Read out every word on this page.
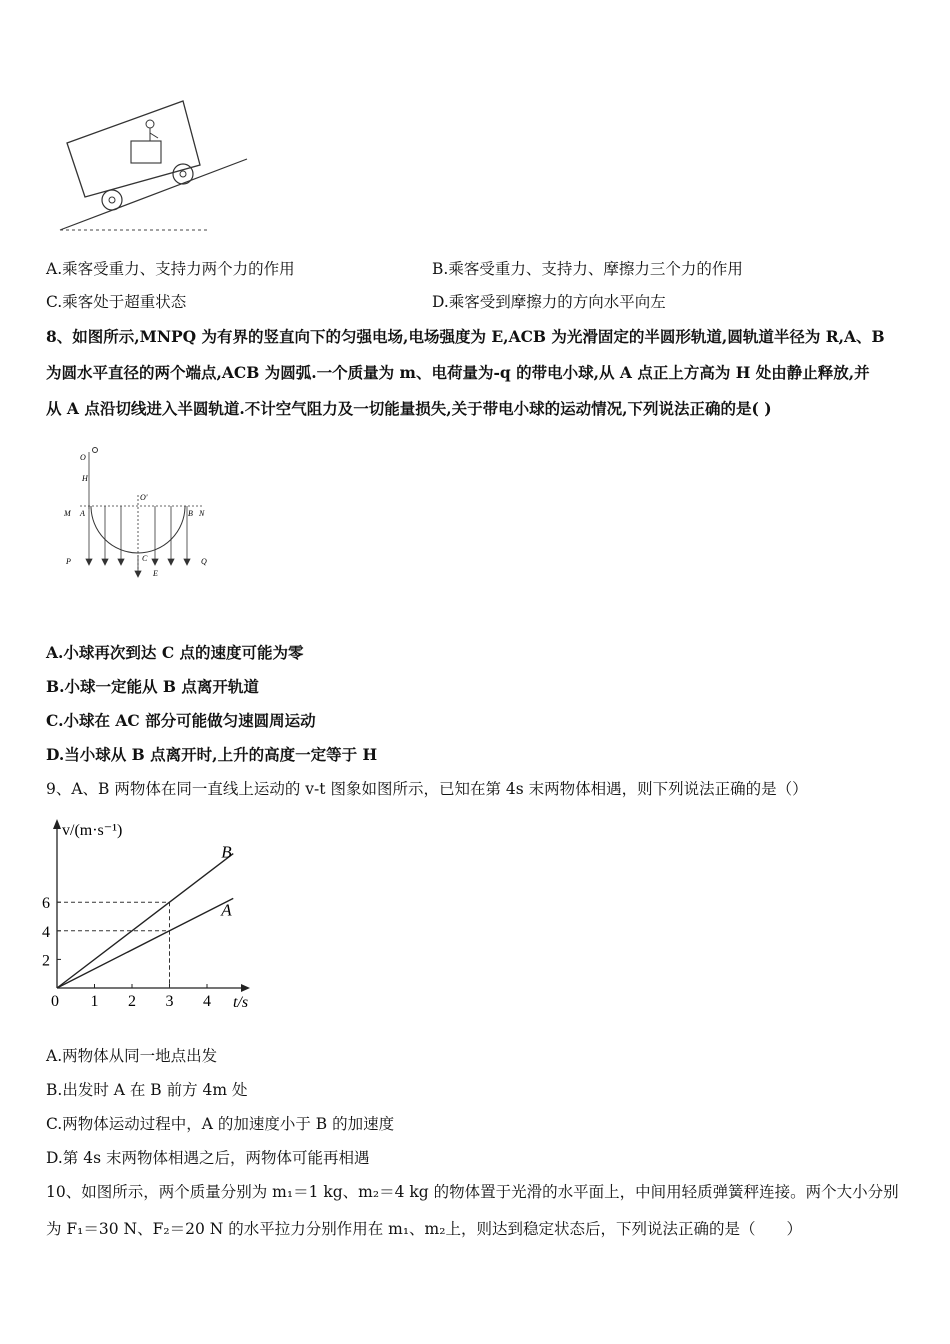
A.乘客受重力、支持力两个力的作用	B.乘客受重力、支持力、摩擦力三个力的作用
C.乘客处于超重状态	D.乘客受到摩擦力的方向水平向左
8、如图所示,MNPQ 为有界的竖直向下的匀强电场,电场强度为 E,ACB 为光滑固定的半圆形轨道,圆轨道半径为 R,A、B
为圆水平直径的两个端点,ACB 为圆弧.一个质量为 m、电荷量为-q 的带电小球,从 A 点正上方高为 H 处由静止释放,并
从 A 点沿切线进入半圆轨道.不计空气阻力及一切能量损失,关于带电小球的运动情况,下列说法正确的是( )
O
H
O'
M A	B N
P	Q
C
E
A.小球再次到达 C 点的速度可能为零
B.小球一定能从 B 点离开轨道
C.小球在 AC 部分可能做匀速圆周运动
D.当小球从 B 点离开时,上升的高度一定等于 H
9、A、B 两物体在同一直线上运动的 v-t 图象如图所示，已知在第 4s 末两物体相遇，则下列说法正确的是（）
v/(m·s⁻¹)
t/s
0 1 2 3 4
2
4
6
B
A
A.两物体从同一地点出发
B.出发时 A 在 B 前方 4m 处
C.两物体运动过程中，A 的加速度小于 B 的加速度
D.第 4s 末两物体相遇之后，两物体可能再相遇
10、如图所示，两个质量分别为 m₁＝1 kg、m₂＝4 kg 的物体置于光滑的水平面上，中间用轻质弹簧秤连接。两个大小分别
为 F₁＝30 N、F₂＝20 N 的水平拉力分别作用在 m₁、m₂上，则达到稳定状态后，下列说法正确的是（　　）
